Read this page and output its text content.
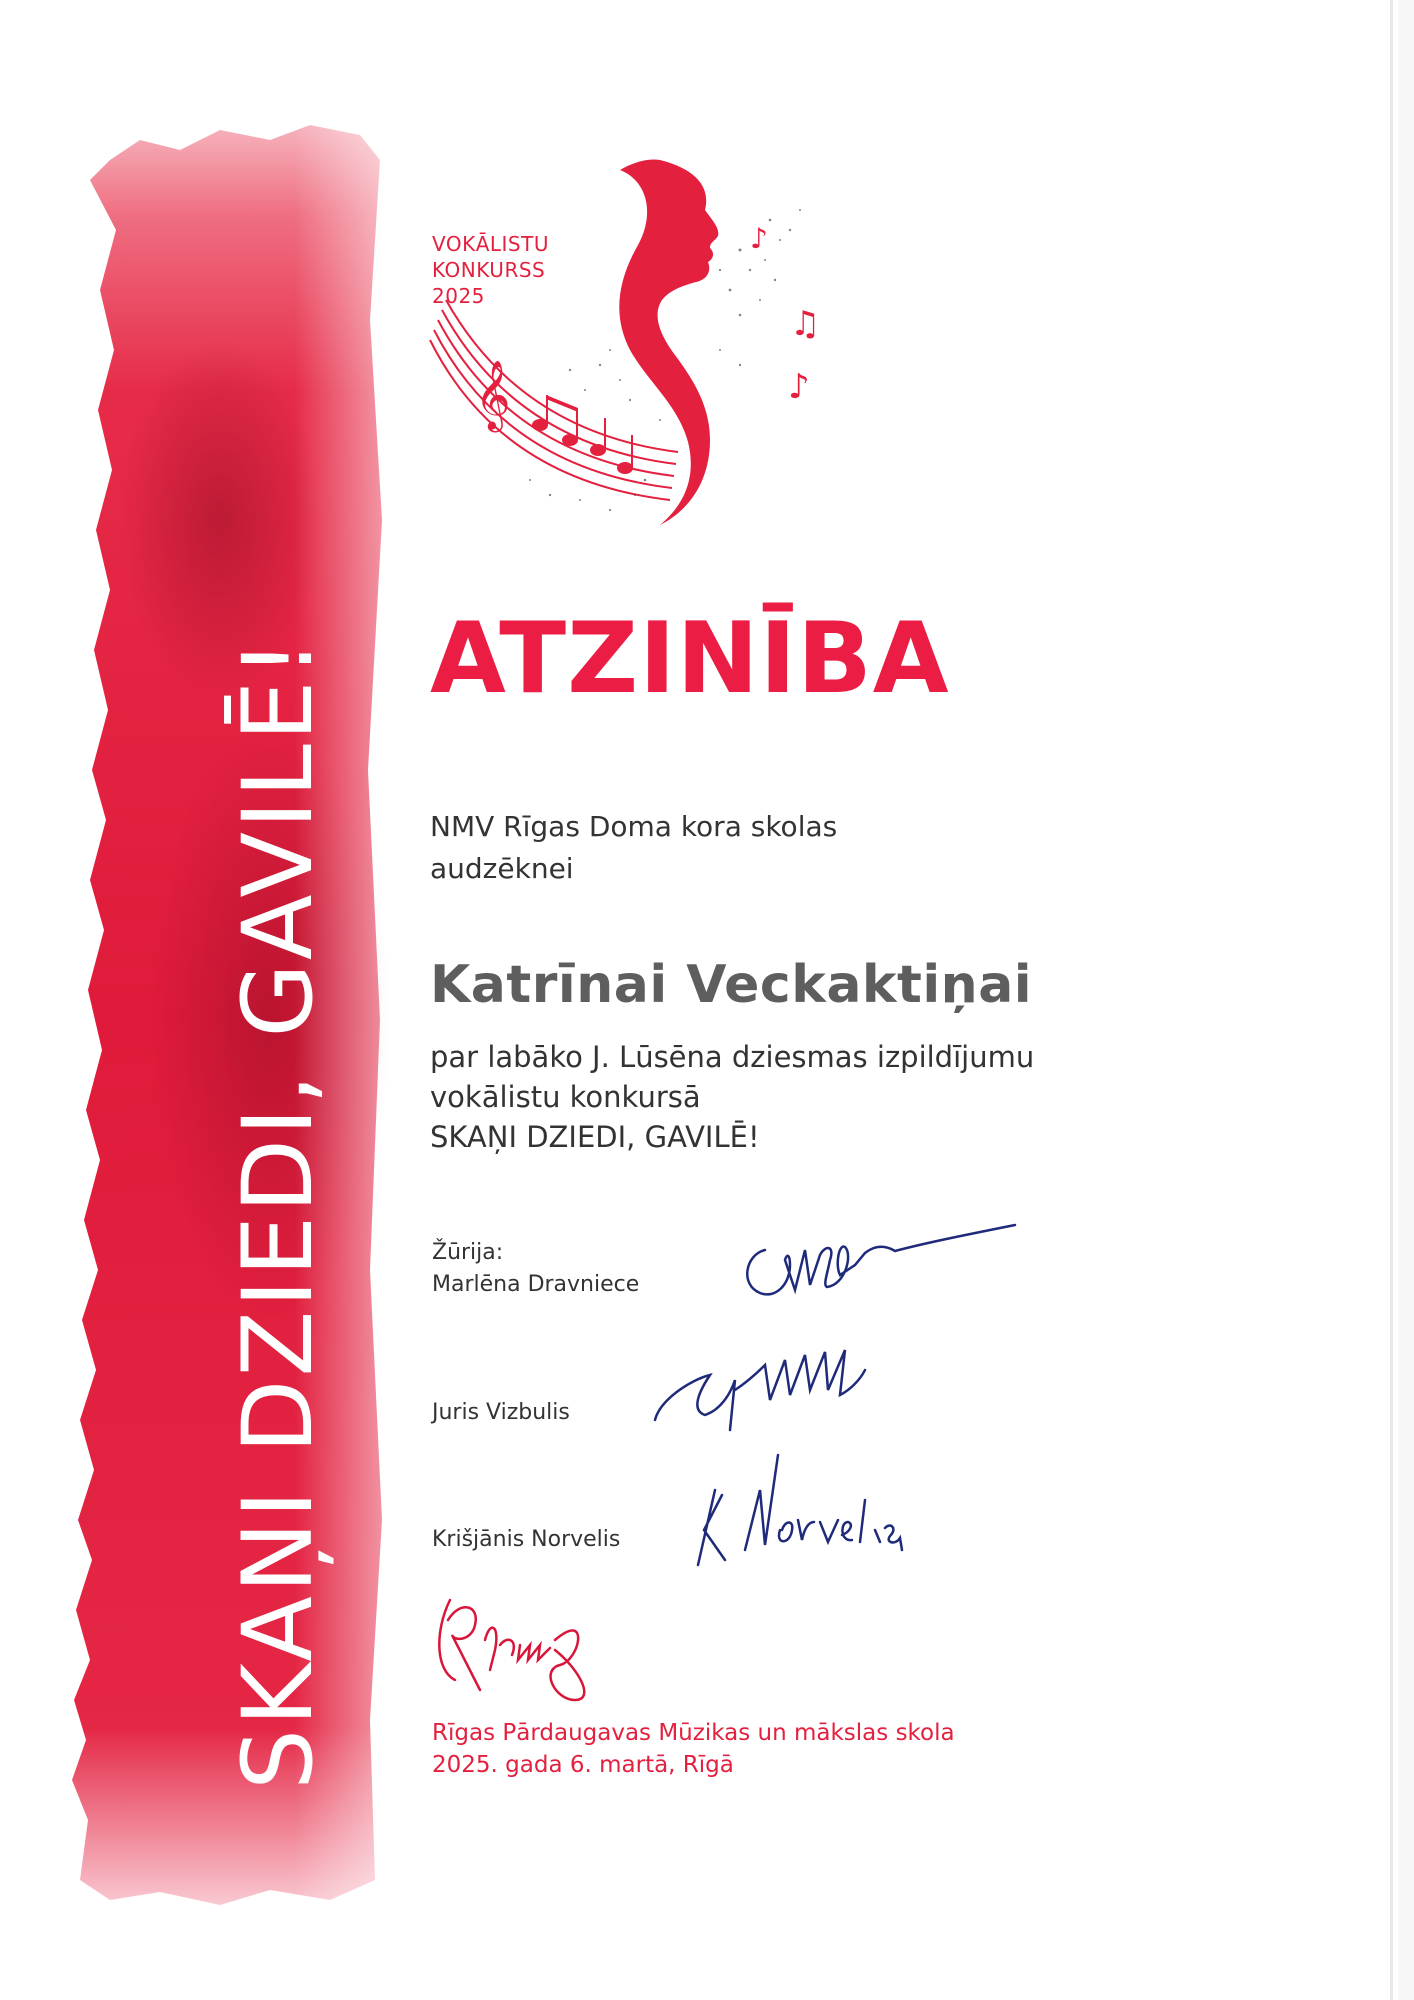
SKAŅI DZIEDI, GAVILĒ!
VOKĀLISTU
KONKURSS
2025
𝄞
♪
♫
♪
ATZINĪBA
NMV Rīgas Doma kora skolas
audzēknei
Katrīnai Veckaktiņai
par labāko J. Lūsēna dziesmas izpildījumu
vokālistu konkursā
SKAŅI DZIEDI, GAVILĒ!
Žūrija:
Marlēna Dravniece
Juris Vizbulis
Krišjānis Norvelis
Rīgas Pārdaugavas Mūzikas un mākslas skola
2025. gada 6. martā, Rīgā
